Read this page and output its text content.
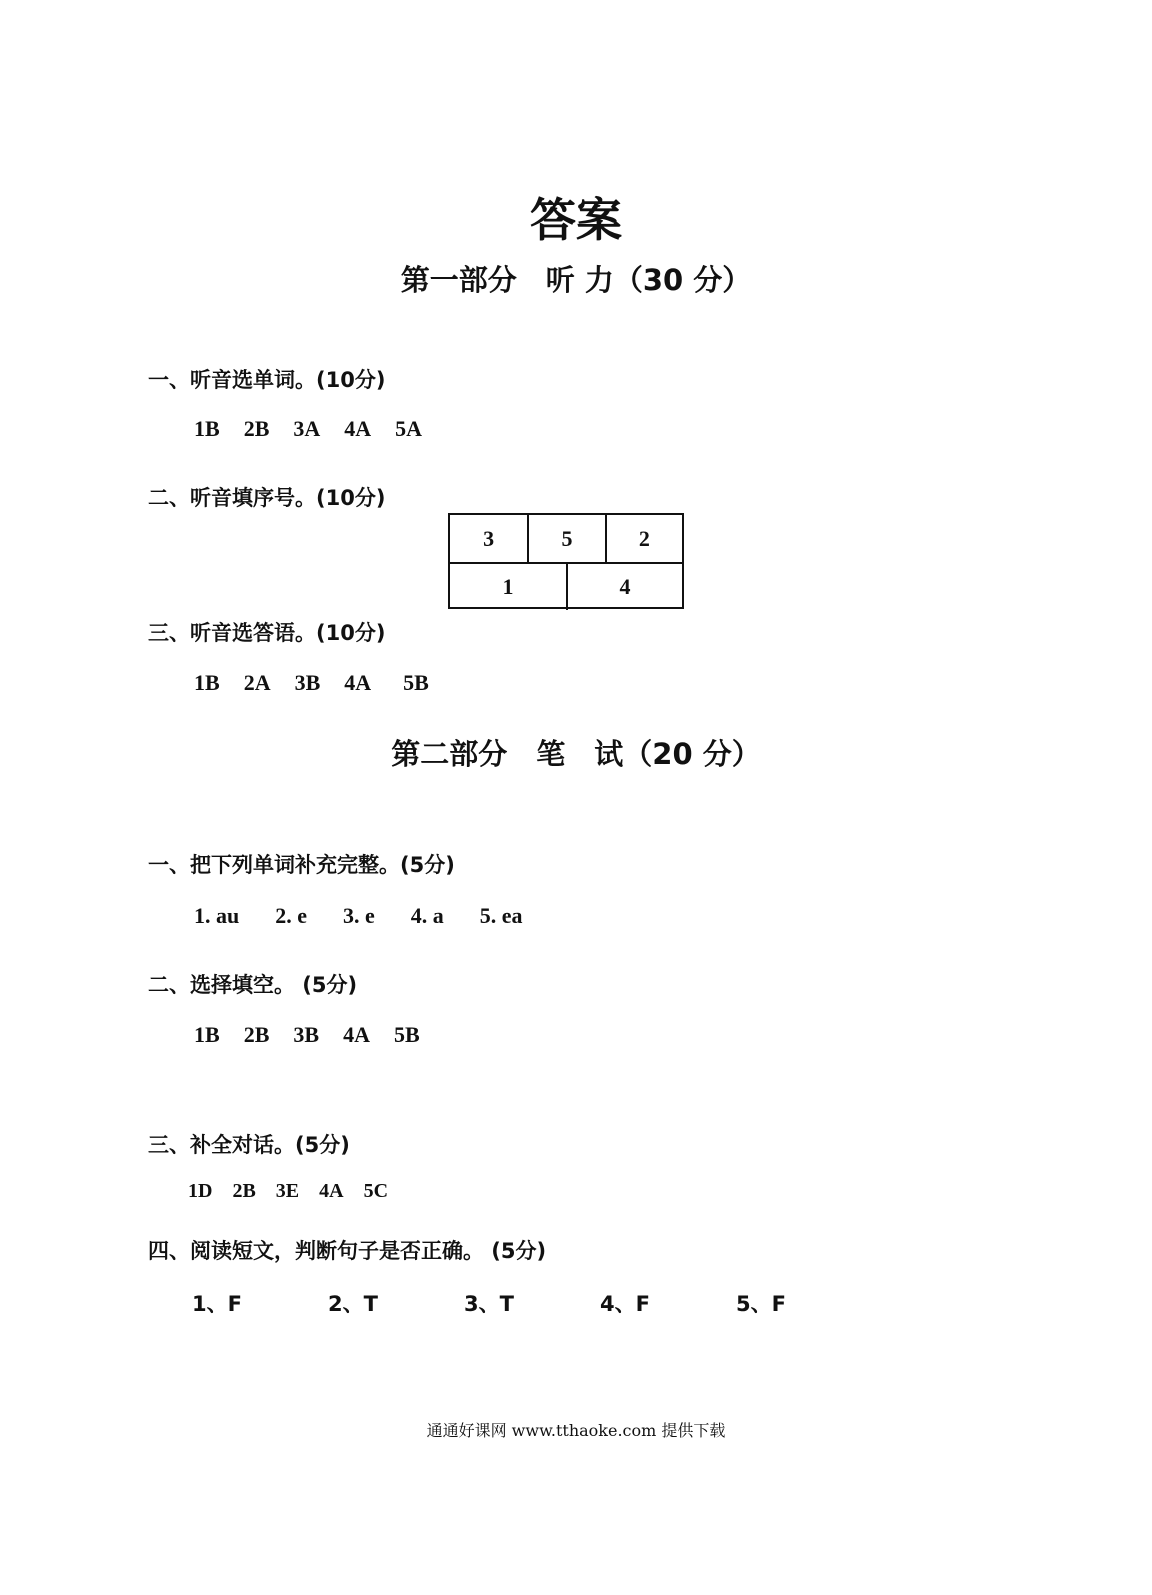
答案
第一部分　听 力（30 分）
一、听音选单词。(10分)
1B 2B 3A 4A 5A
二、听音填序号。(10分)
3	5	2
1	4
三、听音选答语。(10分)
1B 2A 3B 4A 5B
第二部分　笔　试（20 分）
一、把下列单词补充完整。(5分)
1. au 2. e 3. e 4. a 5. ea
二、选择填空。 (5分)
1B 2B 3B 4A 5B
三、补全对话。(5分)
1D 2B 3E 4A 5C
四、阅读短文，判断句子是否正确。 (5分)
1、F	2、T	3、T	4、F	5、F
通通好课网 www.tthaoke.com 提供下载
